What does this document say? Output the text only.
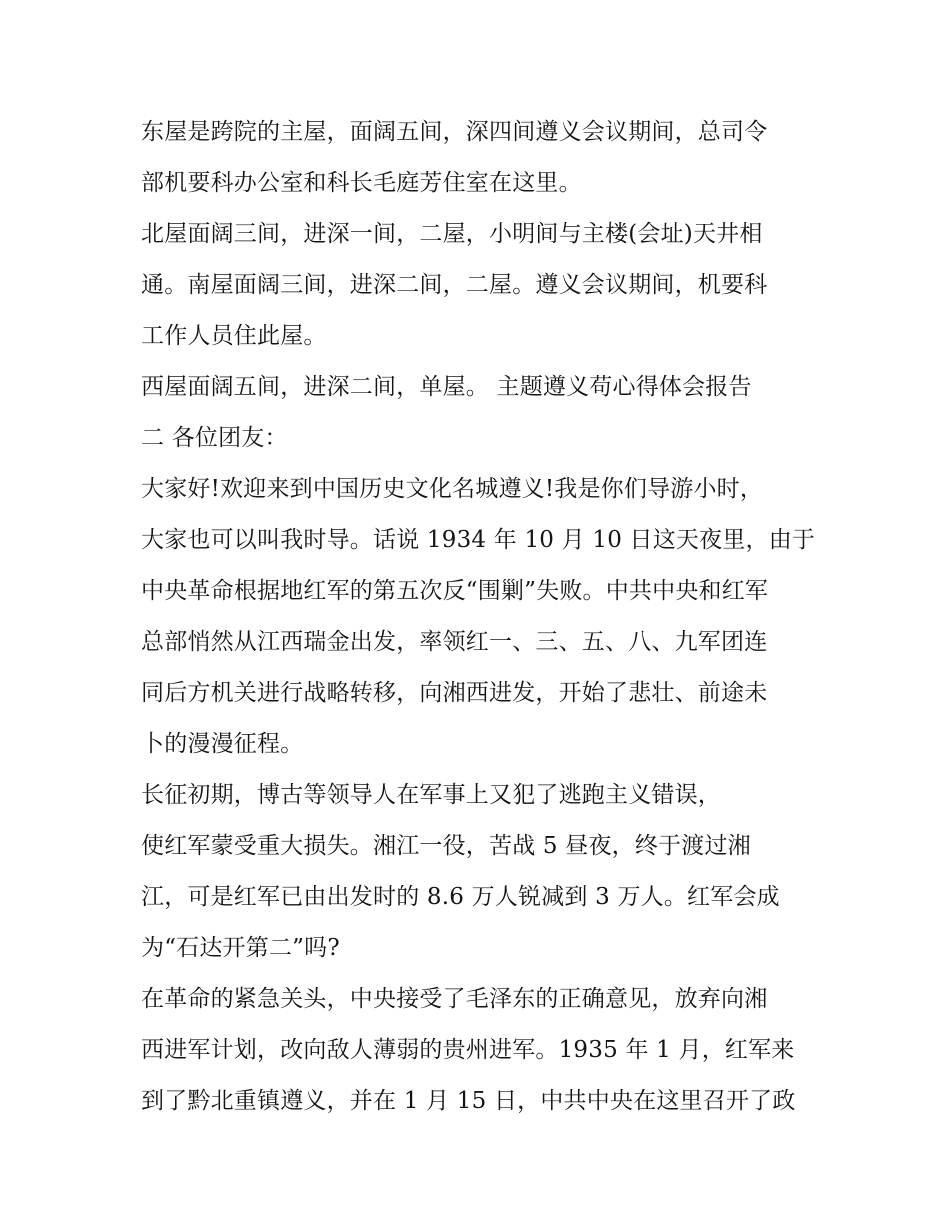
东屋是跨院的主屋，面阔五间，深四间遵义会议期间，总司令
部机要科办公室和科长毛庭芳住室在这里。
北屋面阔三间，进深一间，二屋，小明间与主楼(会址)天井相
通。南屋面阔三间，进深二间，二屋。遵义会议期间，机要科
工作人员住此屋。
西屋面阔五间，进深二间，单屋。 主题遵义苟心得体会报告
二 各位团友：
大家好!欢迎来到中国历史文化名城遵义!我是你们导游小时，
大家也可以叫我时导。话说 1934 年 10 月 10 日这天夜里，由于
中央革命根据地红军的第五次反“围剿”失败。中共中央和红军
总部悄然从江西瑞金出发，率领红一、三、五、八、九军团连
同后方机关进行战略转移，向湘西进发，开始了悲壮、前途未
卜的漫漫征程。
长征初期，博古等领导人在军事上又犯了逃跑主义错误，
使红军蒙受重大损失。湘江一役，苦战 5 昼夜，终于渡过湘
江，可是红军已由出发时的 8.6 万人锐减到 3 万人。红军会成
为“石达开第二”吗?
在革命的紧急关头，中央接受了毛泽东的正确意见，放弃向湘
西进军计划，改向敌人薄弱的贵州进军。1935 年 1 月，红军来
到了黔北重镇遵义，并在 1 月 15 日，中共中央在这里召开了政
